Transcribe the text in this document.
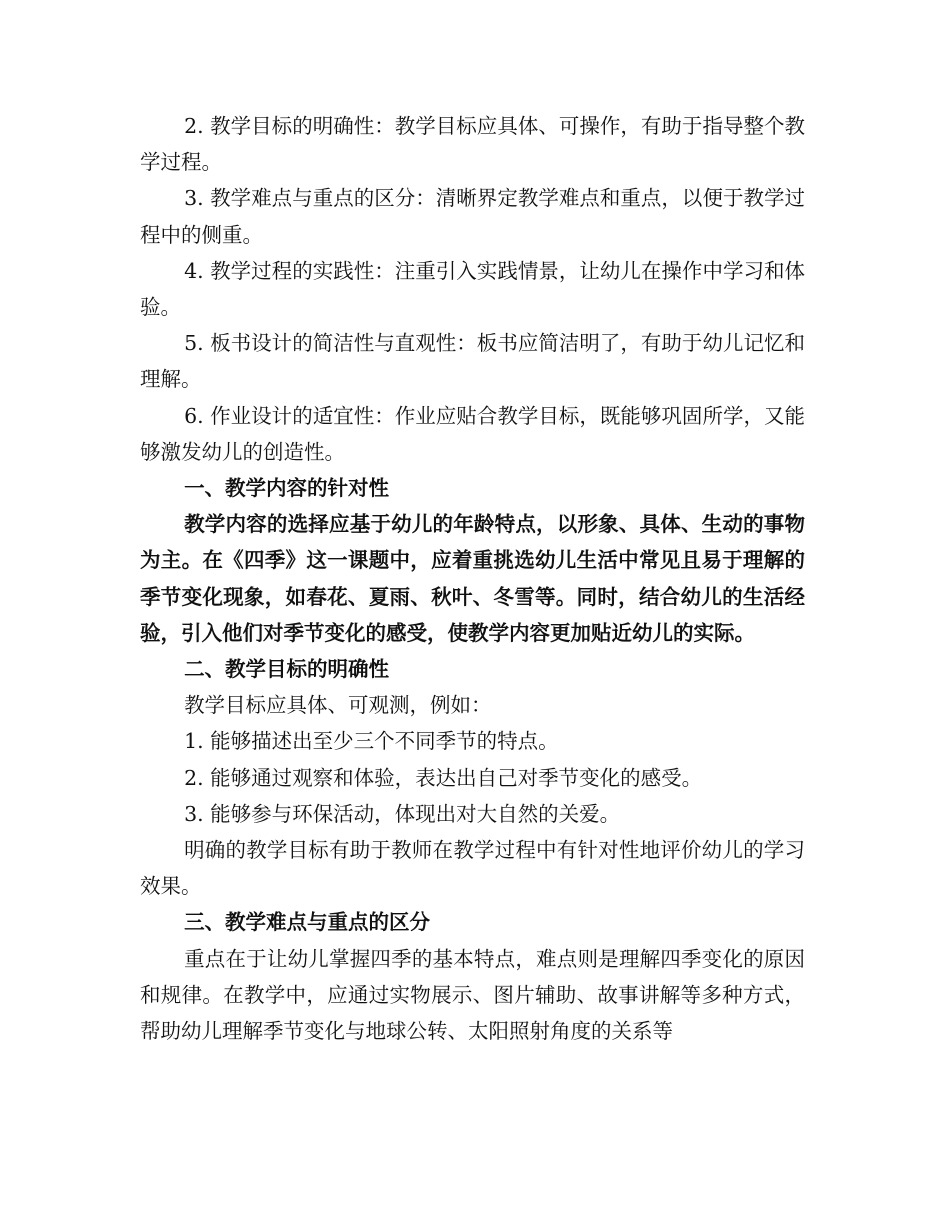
2. 教学目标的明确性：教学目标应具体、可操作，有助于指导整个教学过程。

3. 教学难点与重点的区分：清晰界定教学难点和重点，以便于教学过程中的侧重。

4. 教学过程的实践性：注重引入实践情景，让幼儿在操作中学习和体验。

5. 板书设计的简洁性与直观性：板书应简洁明了，有助于幼儿记忆和理解。

6. 作业设计的适宜性：作业应贴合教学目标，既能够巩固所学，又能够激发幼儿的创造性。

一、教学内容的针对性

教学内容的选择应基于幼儿的年龄特点，以形象、具体、生动的事物为主。在《四季》这一课题中，应着重挑选幼儿生活中常见且易于理解的季节变化现象，如春花、夏雨、秋叶、冬雪等。同时，结合幼儿的生活经验，引入他们对季节变化的感受，使教学内容更加贴近幼儿的实际。

二、教学目标的明确性

教学目标应具体、可观测，例如：

1. 能够描述出至少三个不同季节的特点。

2. 能够通过观察和体验，表达出自己对季节变化的感受。

3. 能够参与环保活动，体现出对大自然的关爱。

明确的教学目标有助于教师在教学过程中有针对性地评价幼儿的学习效果。

三、教学难点与重点的区分

重点在于让幼儿掌握四季的基本特点，难点则是理解四季变化的原因和规律。在教学中，应通过实物展示、图片辅助、故事讲解等多种方式，帮助幼儿理解季节变化与地球公转、太阳照射角度的关系等
